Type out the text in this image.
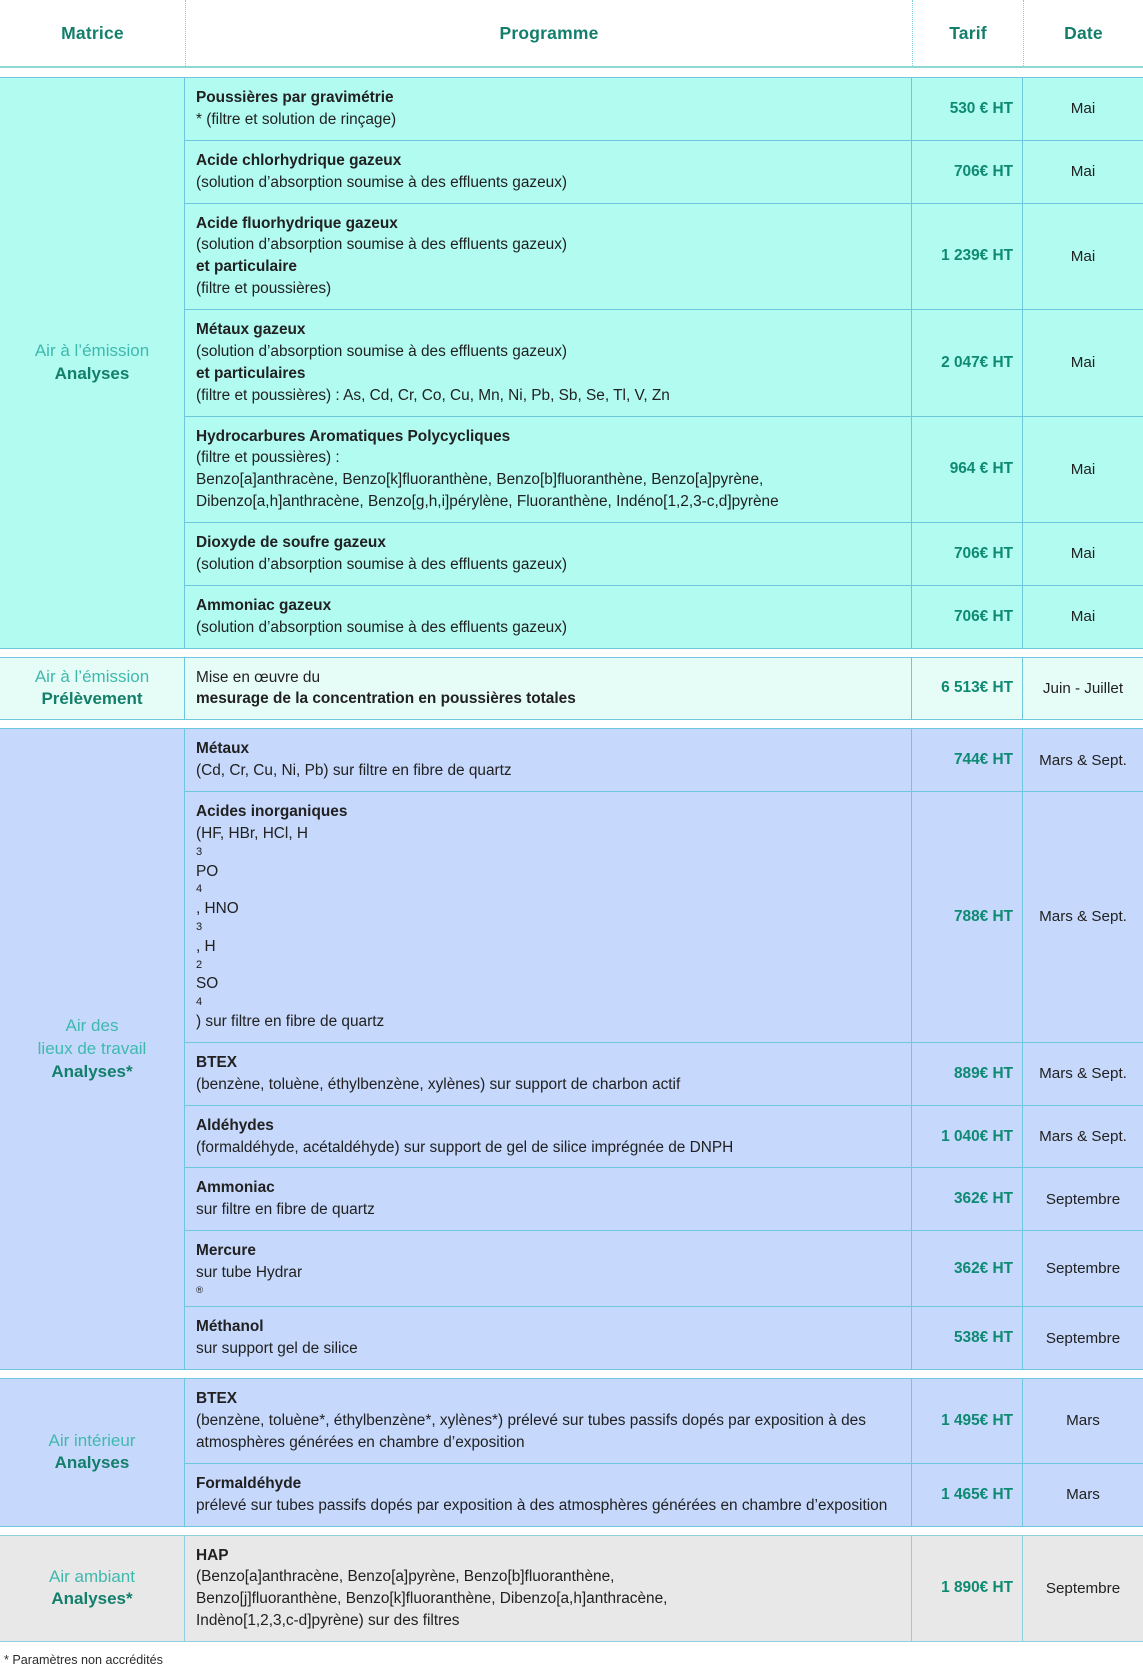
Matrice	Programme	Tarif	Date
Air à l’émission
Analyses
Poussières par gravimétrie
* (filtre et solution de rinçage)
530 € HT	Mai
Acide chlorhydrique gazeux
(solution d’absorption soumise à des effluents gazeux)
706€ HT	Mai
Acide fluorhydrique gazeux
(solution d’absorption soumise à des effluents gazeux)
et particulaire
(filtre et poussières)
1 239€ HT	Mai
Métaux gazeux
(solution d’absorption soumise à des effluents gazeux)

et particulaires
(filtre et poussières) : As, Cd, Cr, Co, Cu, Mn, Ni, Pb, Sb, Se, Tl, V, Zn
2 047€ HT	Mai
Hydrocarbures Aromatiques Polycycliques
(filtre et poussières) :
Benzo[a]anthracène, Benzo[k]fluoranthène, Benzo[b]fluoranthène, Benzo[a]pyrène,
Dibenzo[a,h]anthracène, Benzo[g,h,i]pérylène, Fluoranthène, Indéno[1,2,3-c,d]pyrène
964 € HT	Mai
Dioxyde de soufre gazeux
(solution d’absorption soumise à des effluents gazeux)
706€ HT	Mai
Ammoniac gazeux
(solution d’absorption soumise à des effluents gazeux)
706€ HT	Mai
Air à l’émission
Prélèvement
Mise en œuvre du
mesurage de la concentration en poussières totales
6 513€ HT	Juin - Juillet
Air des
lieux de travail
Analyses*
Métaux
(Cd, Cr, Cu, Ni, Pb) sur filtre en fibre de quartz
744€ HT	Mars & Sept.
Acides inorganiques
(HF, HBr, HCl, H
3
PO
4
, HNO
3
, H
2
SO
4
) sur filtre en fibre de quartz
788€ HT	Mars & Sept.
BTEX
(benzène, toluène, éthylbenzène, xylènes) sur support de charbon actif
889€ HT	Mars & Sept.
Aldéhydes
(formaldéhyde, acétaldéhyde) sur support de gel de silice imprégnée de DNPH
1 040€ HT	Mars & Sept.
Ammoniac
sur filtre en fibre de quartz
362€ HT	Septembre
Mercure
sur tube Hydrar
®
362€ HT	Septembre
Méthanol
sur support gel de silice
538€ HT	Septembre
Air intérieur
Analyses
BTEX
(benzène, toluène*, éthylbenzène*, xylènes*) prélevé sur tubes passifs dopés par exposition à des atmosphères générées en chambre d’exposition
1 495€ HT	Mars
Formaldéhyde
prélevé sur tubes passifs dopés par exposition à des atmosphères générées en chambre d’exposition
1 465€ HT	Mars
Air ambiant
Analyses*
HAP
(Benzo[a]anthracène, Benzo[a]pyrène, Benzo[b]fluoranthène,
Benzo[j]fluoranthène, Benzo[k]fluoranthène, Dibenzo[a,h]anthracène,
Indèno[1,2,3,c-d]pyrène) sur des filtres
1 890€ HT	Septembre
* Paramètres non accrédités
